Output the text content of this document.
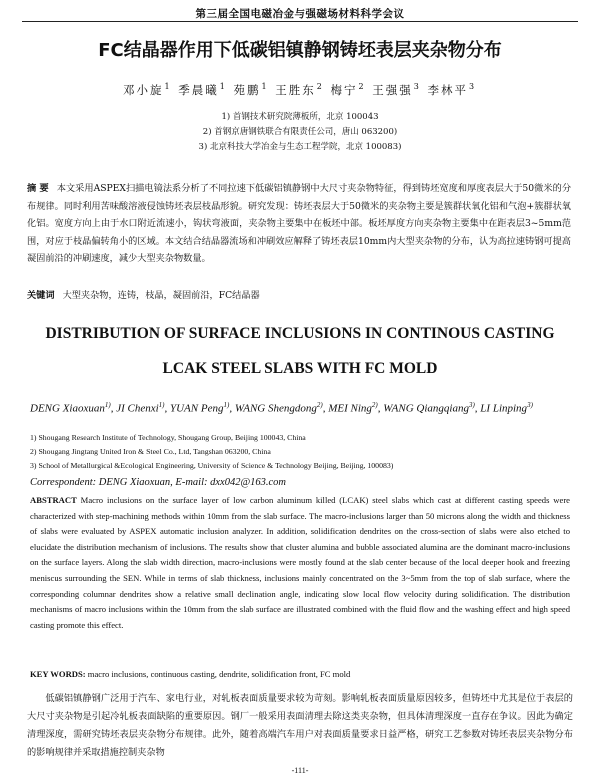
第三届全国电磁冶金与强磁场材料科学会议
FC结晶器作用下低碳铝镇静钢铸坯表层夹杂物分布
邓小旋$^1$ 季晨曦$^1$ 苑鹏$^1$ 王胜东$^2$ 梅宁$^2$ 王强强$^3$ 李林平$^3$
1) 首钢技术研究院薄板所，北京 100043
2) 首钢京唐钢铁联合有限责任公司，唐山 063200)
3) 北京科技大学冶金与生态工程学院，北京 100083)
摘 要 本文采用ASPEX扫描电镜法系分析了不同拉速下低碳铝镇静钢中大尺寸夹杂物特征，得到铸坯宽度和厚度表层大于50微米的分布规律。同时利用苦味酸溶液侵蚀铸坯表层枝晶形貌。研究发现：铸坯表层大于50微米的夹杂物主要是簇群状氧化铝和气泡+簇群状氧化铝。宽度方向上由于水口附近流速小，钩状弯液面，夹杂物主要集中在板坯中部。板坯厚度方向夹杂物主要集中在距表层3~5mm范围，对应于枝晶偏转角小的区域。本文结合结晶器流场和冲刷效应解释了铸坯表层10mm内大型夹杂物的分布，认为高拉速铸钢可提高凝固前沿的冲刷速度，减少大型夹杂物数量。
关键词 大型夹杂物，连铸，枝晶，凝固前沿，FC结晶器
DISTRIBUTION OF SURFACE INCLUSIONS IN CONTINOUS CASTING
LCAK STEEL SLABS WITH FC MOLD
DENG Xiaoxuan$^{1)}$, JI Chenxi$^{1)}$, YUAN Peng$^{1)}$, WANG Shengdong$^{2)}$, MEI Ning$^{2)}$, WANG Qiangqiang$^{3)}$, LI Linping$^{3)}$
1) Shougang Research Institute of Technology, Shougang Group, Beijing 100043, China
2) Shougang Jingtang United Iron & Steel Co., Ltd, Tangshan 063200, China
3) School of Metallurgical &Ecological Engineering, University of Science & Technology Beijing, Beijing, 100083)
Correspondent: DENG Xiaoxuan, E-mail: dxx042@163.com
ABSTRACT Macro inclusions on the surface layer of low carbon aluminum killed (LCAK) steel slabs which cast at different casting speeds were characterized with step-machining methods within 10mm from the slab surface. The macro-inclusions larger than 50 microns along the width and thickness of slabs were evaluated by ASPEX automatic inclusion analyzer. In addition, solidification dendrites on the cross-section of slabs were also etched to elucidate the distribution mechanism of inclusions. The results show that cluster alumina and bubble associated alumina are the dominant macro-inclusions on the surface layers. Along the slab width direction, macro-inclusions were mostly found at the slab center because of the local deeper hook and freezing meniscus surrounding the SEN. While in terms of slab thickness, inclusions mainly concentrated on the 3~5mm from the top of slab surface, where the corresponding columnar dendrites show a relative small declination angle, indicating slow local flow velocity during solidification. The distribution mechanisms of macro inclusions within the 10mm from the slab surface are illustrated combined with the fluid flow and the washing effect and high speed casting promote this effect.
KEY WORDS: macro inclusions, continuous casting, dendrite, solidification front, FC mold
低碳铝镇静钢广泛用于汽车、家电行业，对轧板表面质量要求较为苛刻。影响轧板表面质量原因较多，但铸坯中尤其是位于表层的大尺寸夹杂物是引起冷轧板表面缺陷的重要原因。钢厂一般采用表面清理去除这类夹杂物，但具体清理深度一直存在争议。因此为确定清理深度，需研究铸坯表层夹杂物分布规律。此外，随着高端汽车用户对表面质量要求日益严格，研究工艺参数对铸坯表层夹杂物分布的影响规律并采取措施控制夹杂物
-111-
